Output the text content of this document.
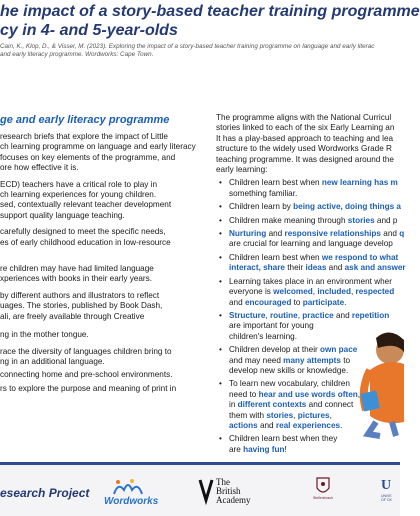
he impact of a story-based teacher training programme
cy in 4- and 5-year-olds
Cain, K., Klop, D., & Visser, M. (2023). Exploring the impact of a story-based teacher training programme on language and early literac
and early literacy programme. Wordworks: Cape Town.
ge and early literacy programme
research briefs that explore the impact of Little
ch learning programme on language and early literacy
focuses on key elements of the programme, and
ore how effective it is.
ECD) teachers have a critical role to play in
ch learning experiences for young children.
sed, contextually relevant teacher development
support quality language teaching.
carefully designed to meet the specific needs,
es of early childhood education in low-resource
re children may have had limited language
xperiences with books in their early years.
by different authors and illustrators to reflect
uages. The stories, published by Book Dash,
ali, are freely available through Creative
ng in the mother tongue.
race the diversity of languages children bring to
ng in an additional language.
connecting home and pre-school environments.
rs to explore the purpose and meaning of print in
The programme aligns with the National Curricul
stories linked to each of the six Early Learning an
It has a play-based approach to teaching and lea
structure to the widely used Wordworks Grade R
teaching programme. It was designed around the
early learning:
• Children learn best when new learning has m
something familiar.
• Children learn by being active, doing things a
• Children make meaning through stories and p
• Nurturing and responsive relationships and q
are crucial for learning and language develop
• Children learn best when we respond to what
interact, share their ideas and ask and answer
• Learning takes place in an environment wher
everyone is welcomed, included, respected
and encouraged to participate.
• Structure, routine, practice and repetition
are important for young
children's learning.
• Children develop at their own pace
and may need many attempts to
develop new skills or knowledge.
• To learn new vocabulary, children
need to hear and use words often,
in different contexts and connect
them with stories, pictures,
actions and real experiences.
• Children learn best when they
are having fun!
esearch Project
Wordworks
The
British
Academy	Stellenbosch
U
UNIVE
OF OX
